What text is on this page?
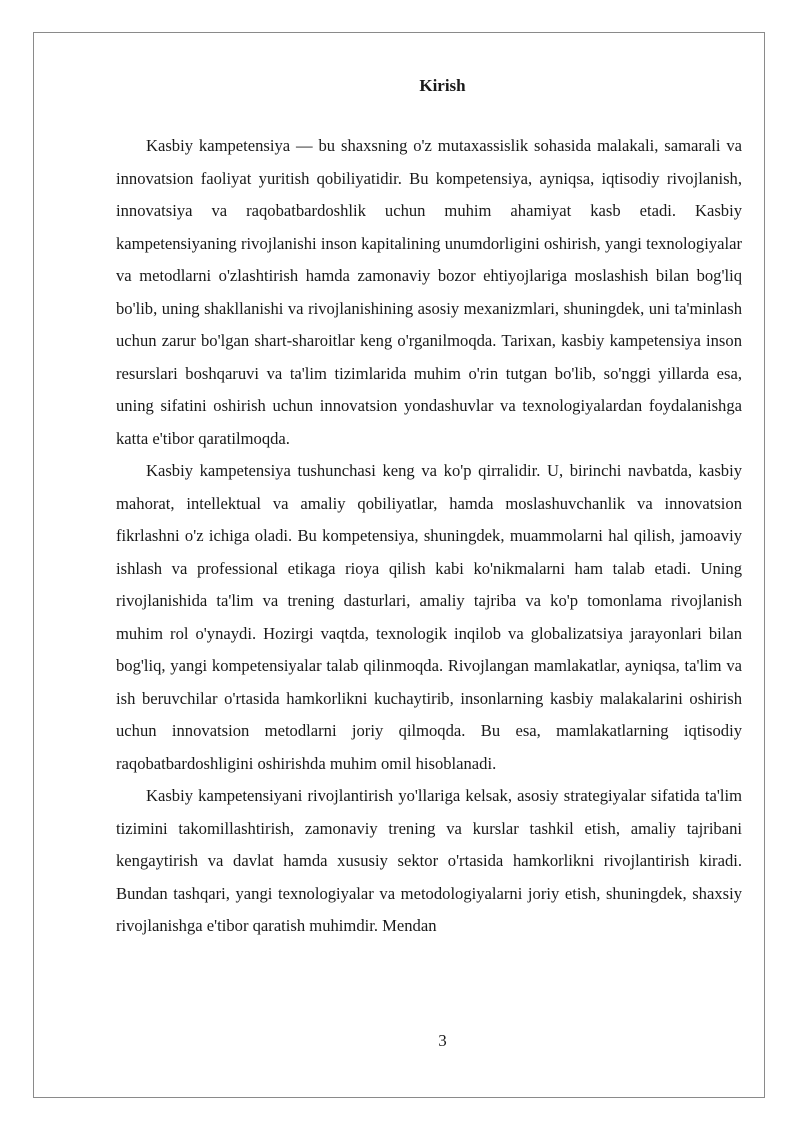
Kirish

Kasbiy kampetensiya — bu shaxsning o'z mutaxassislik sohasida malakali, samarali va innovatsion faoliyat yuritish qobiliyatidir. Bu kompetensiya, ayniqsa, iqtisodiy rivojlanish, innovatsiya va raqobatbardoshlik uchun muhim ahamiyat kasb etadi. Kasbiy kampetensiyaning rivojlanishi inson kapitalining unumdorligini oshirish, yangi texnologiyalar va metodlarni o'zlashtirish hamda zamonaviy bozor ehtiyojlariga moslashish bilan bog'liq bo'lib, uning shakllanishi va rivojlanishining asosiy mexanizmlari, shuningdek, uni ta'minlash uchun zarur bo'lgan shart-sharoitlar keng o'rganilmoqda. Tarixan, kasbiy kampetensiya inson resurslari boshqaruvi va ta'lim tizimlarida muhim o'rin tutgan bo'lib, so'nggi yillarda esa, uning sifatini oshirish uchun innovatsion yondashuvlar va texnologiyalardan foydalanishga katta e'tibor qaratilmoqda.

Kasbiy kampetensiya tushunchasi keng va ko'p qirralidir. U, birinchi navbatda, kasbiy mahorat, intellektual va amaliy qobiliyatlar, hamda moslashuvchanlik va innovatsion fikrlashni o'z ichiga oladi. Bu kompetensiya, shuningdek, muammolarni hal qilish, jamoaviy ishlash va professional etikaga rioya qilish kabi ko'nikmalarni ham talab etadi. Uning rivojlanishida ta'lim va trening dasturlari, amaliy tajriba va ko'p tomonlama rivojlanish muhim rol o'ynaydi. Hozirgi vaqtda, texnologik inqilob va globalizatsiya jarayonlari bilan bog'liq, yangi kompetensiyalar talab qilinmoqda. Rivojlangan mamlakatlar, ayniqsa, ta'lim va ish beruvchilar o'rtasida hamkorlikni kuchaytirib, insonlarning kasbiy malakalarini oshirish uchun innovatsion metodlarni joriy qilmoqda. Bu esa, mamlakatlarning iqtisodiy raqobatbardoshligini oshirishda muhim omil hisoblanadi.

Kasbiy kampetensiyani rivojlantirish yo'llariga kelsak, asosiy strategiyalar sifatida ta'lim tizimini takomillashtirish, zamonaviy trening va kurslar tashkil etish, amaliy tajribani kengaytirish va davlat hamda xususiy sektor o'rtasida hamkorlikni rivojlantirish kiradi. Bundan tashqari, yangi texnologiyalar va metodologiyalarni joriy etish, shuningdek, shaxsiy rivojlanishga e'tibor qaratish muhimdir. Mendan

3
